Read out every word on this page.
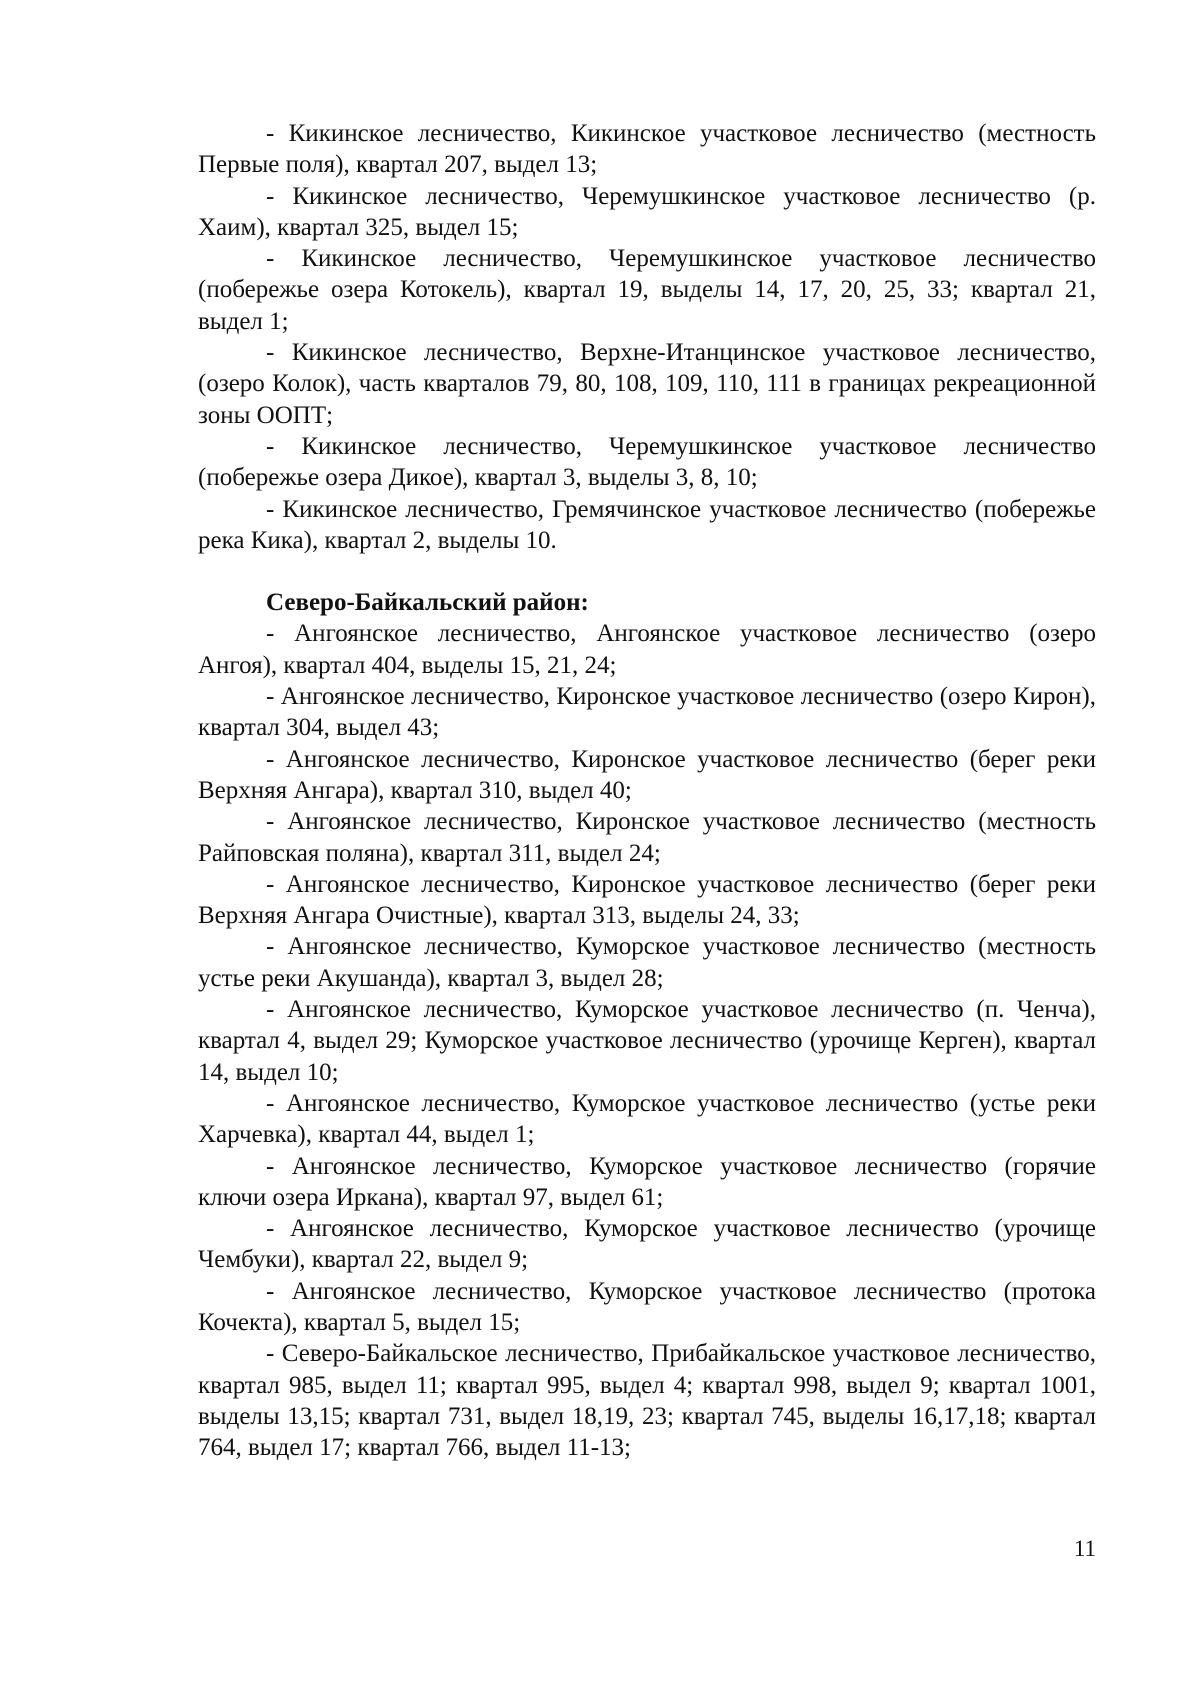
- Кикинское лесничество, Кикинское участковое лесничество (местность Первые поля), квартал 207, выдел 13;

- Кикинское лесничество, Черемушкинское участковое лесничество (р. Хаим), квартал 325, выдел 15;

- Кикинское лесничество, Черемушкинское участковое лесничество (побережье озера Котокель), квартал 19, выделы 14, 17, 20, 25, 33; квартал 21, выдел 1;

- Кикинское лесничество, Верхне-Итанцинское участковое лесничество, (озеро Колок), часть кварталов 79, 80, 108, 109, 110, 111 в границах рекреационной зоны ООПТ;

- Кикинское лесничество, Черемушкинское участковое лесничество (побережье озера Дикое), квартал 3, выделы 3, 8, 10;

- Кикинское лесничество, Гремячинское участковое лесничество (побережье река Кика), квартал 2, выделы 10.

Северо-Байкальский район:

- Ангоянское лесничество, Ангоянское участковое лесничество (озеро Ангоя), квартал 404, выделы 15, 21, 24;

- Ангоянское лесничество, Киронское участковое лесничество (озеро Кирон), квартал 304, выдел 43;

- Ангоянское лесничество, Киронское участковое лесничество (берег реки Верхняя Ангара), квартал 310, выдел 40;

- Ангоянское лесничество, Киронское участковое лесничество (местность Райповская поляна), квартал 311, выдел 24;

- Ангоянское лесничество, Киронское участковое лесничество (берег реки Верхняя Ангара Очистные), квартал 313, выделы 24, 33;

- Ангоянское лесничество, Куморское участковое лесничество (местность устье реки Акушанда), квартал 3, выдел 28;

- Ангоянское лесничество, Куморское участковое лесничество (п. Ченча), квартал 4, выдел 29; Куморское участковое лесничество (урочище Керген), квартал 14, выдел 10;

- Ангоянское лесничество, Куморское участковое лесничество (устье реки Харчевка), квартал 44, выдел 1;

- Ангоянское лесничество, Куморское участковое лесничество (горячие ключи озера Иркана), квартал 97, выдел 61;

- Ангоянское лесничество, Куморское участковое лесничество (урочище Чембуки), квартал 22, выдел 9;

- Ангоянское лесничество, Куморское участковое лесничество (протока Кочекта), квартал 5, выдел 15;

- Северо-Байкальское лесничество, Прибайкальское участковое лесничество, квартал 985, выдел 11; квартал 995, выдел 4; квартал 998, выдел 9; квартал 1001, выделы 13,15; квартал 731, выдел 18,19, 23; квартал 745, выделы 16,17,18; квартал 764, выдел 17; квартал 766, выдел 11-13;

11
